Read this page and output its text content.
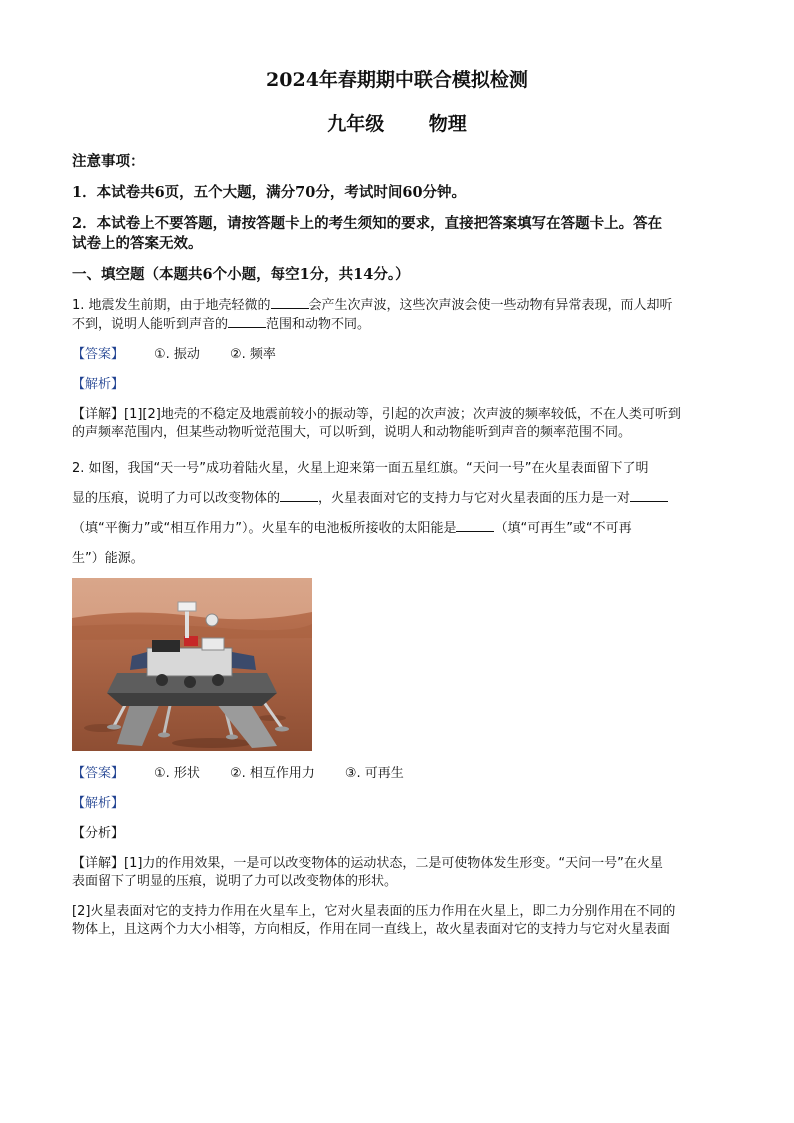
2024年春期期中联合模拟检测
九年级 物理

注意事项：

1．本试卷共6页，五个大题，满分70分，考试时间60分钟。

2．本试卷上不要答题，请按答题卡上的考生须知的要求，直接把答案填写在答题卡上。答在

试卷上的答案无效。

一、填空题（本题共6个小题，每空1分，共14分。）

1. 地震发生前期，由于地壳轻微的	会产生次声波，这些次声波会使一些动物有异常表现，而人却听
不到，说明人能听到声音的	范围和动物不同。

【答案】 ①. 振动 ②. 频率

【解析】

【详解】[1][2]地壳的不稳定及地震前较小的振动等，引起的次声波；次声波的频率较低，不在人类可听到
的声频率范围内，但某些动物听觉范围大，可以听到，说明人和动物能听到声音的频率范围不同。

2. 如图，我国“天一号”成功着陆火星，火星上迎来第一面五星红旗。“天问一号”在火星表面留下了明
显的压痕，说明了力可以改变物体的	，火星表面对它的支持力与它对火星表面的压力是一对
（填“平衡力”或“相互作用力”）。火星车的电池板所接收的太阳能是	（填“可再生”或“不可再
生”）能源。

【答案】 ①. 形状 ②. 相互作用力 ③. 可再生

【解析】

【分析】

【详解】[1]力的作用效果，一是可以改变物体的运动状态，二是可使物体发生形变。“天问一号”在火星
表面留下了明显的压痕，说明了力可以改变物体的形状。

[2]火星表面对它的支持力作用在火星车上，它对火星表面的压力作用在火星上，即二力分别作用在不同的
物体上，且这两个力大小相等，方向相反，作用在同一直线上，故火星表面对它的支持力与它对火星表面
